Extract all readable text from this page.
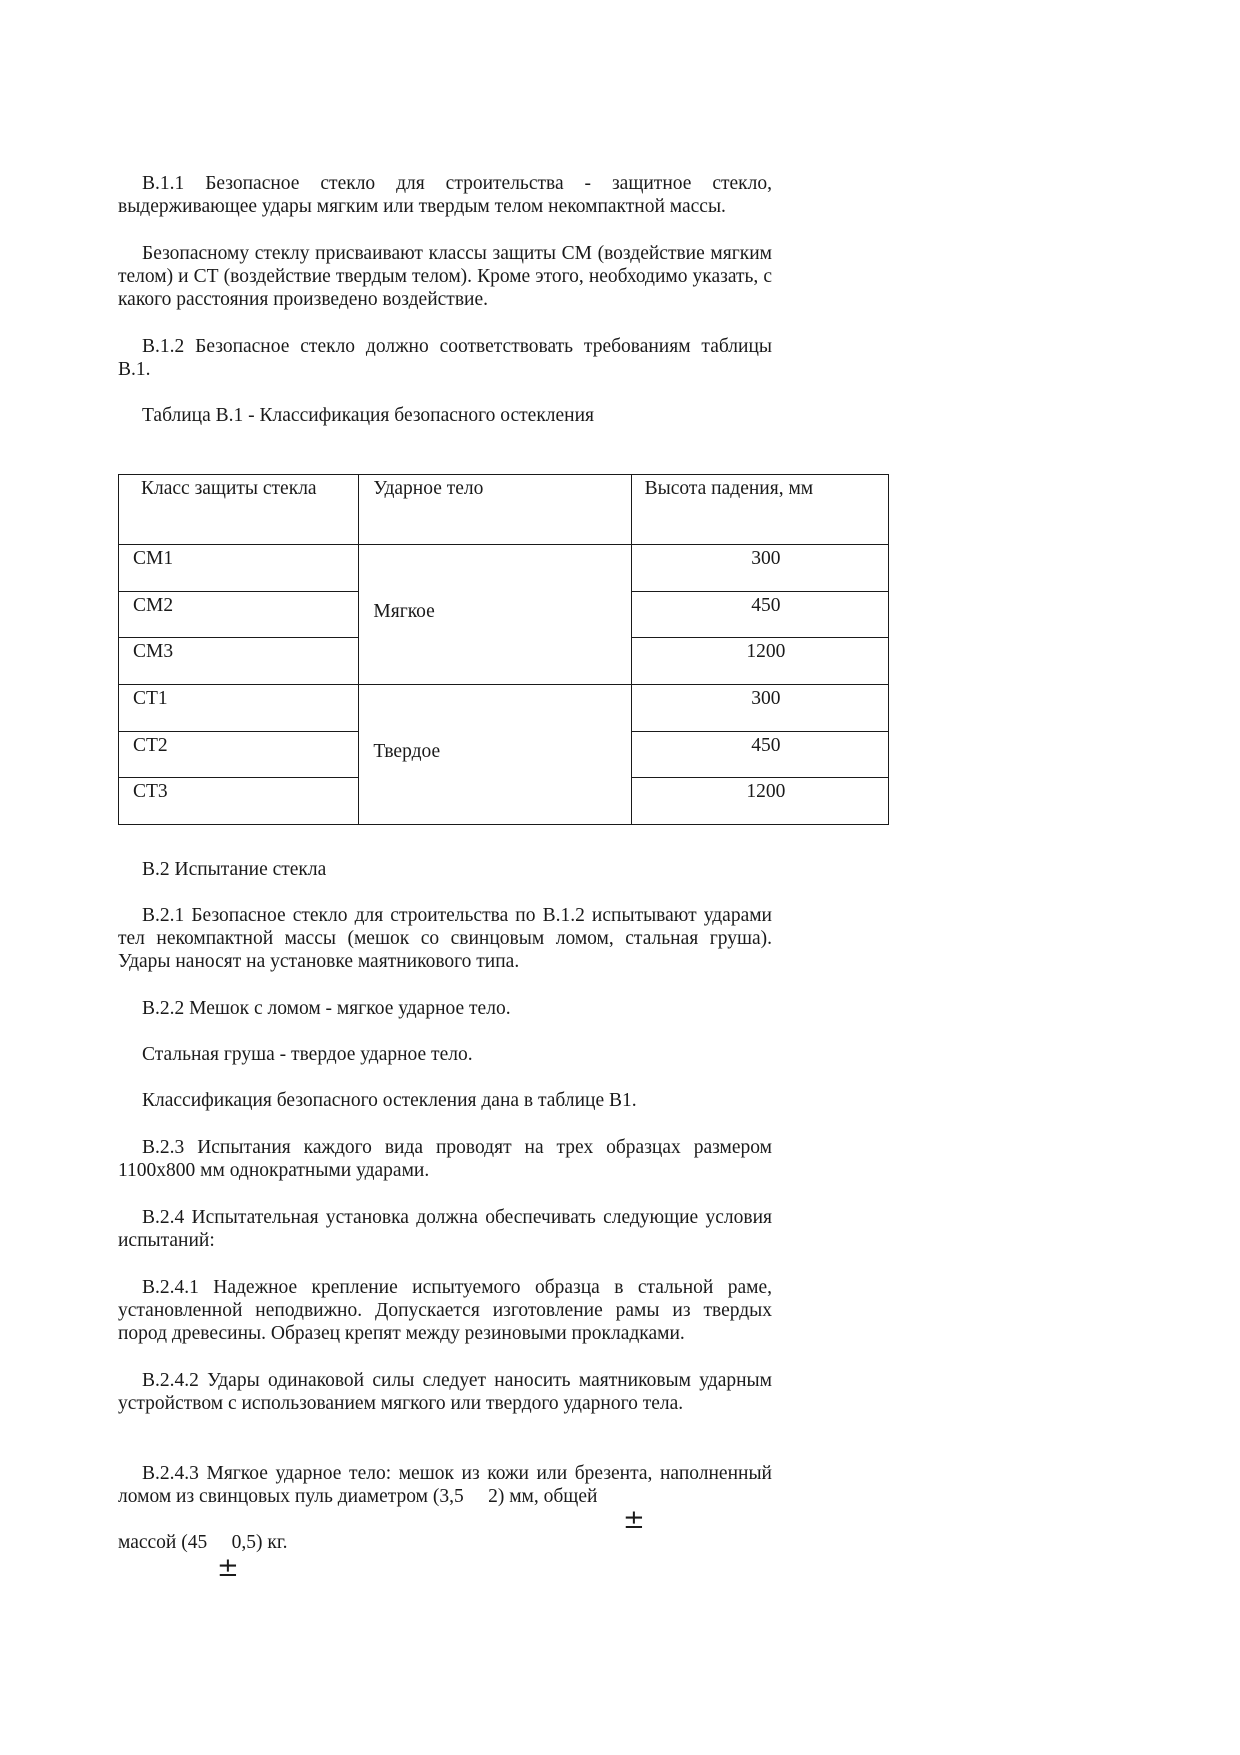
В.1.1 Безопасное стекло для строительства - защитное стекло, выдерживающее удары мягким или твердым телом некомпактной массы.

Безопасному стеклу присваивают классы защиты СМ (воздействие мягким телом) и СТ (воздействие твердым телом). Кроме этого, необходимо указать, с какого расстояния произведено воздействие.

В.1.2 Безопасное стекло должно соответствовать требованиям таблицы В.1.

Таблица В.1 - Классификация безопасного остекления

Класс защиты стекла	Ударное тело	Высота падения, мм

СМ1	Мягкое	300

СМ2		450

СМ3		1200

СТ1	Твердое	300

СТ2		450

СТ3		1200

В.2 Испытание стекла

В.2.1 Безопасное стекло для строительства по В.1.2 испытывают ударами тел некомпактной массы (мешок со свинцовым ломом, стальная груша). Удары наносят на установке маятникового типа.

В.2.2 Мешок с ломом - мягкое ударное тело.

Стальная груша - твердое ударное тело.

Классификация безопасного остекления дана в таблице В1.

В.2.3 Испытания каждого вида проводят на трех образцах размером 1100x800 мм однократными ударами.

В.2.4 Испытательная установка должна обеспечивать следующие условия испытаний:

В.2.4.1 Надежное крепление испытуемого образца в стальной раме, установленной неподвижно. Допускается изготовление рамы из твердых пород древесины. Образец крепят между резиновыми прокладками.

В.2.4.2 Удары одинаковой силы следует наносить маятниковым ударным устройством с использованием мягкого или твердого ударного тела.

В.2.4.3 Мягкое ударное тело: мешок из кожи или брезента, наполненный ломом из свинцовых пуль диаметром (3,5     2) мм, общей

±

массой (45     0,5) кг.

±
